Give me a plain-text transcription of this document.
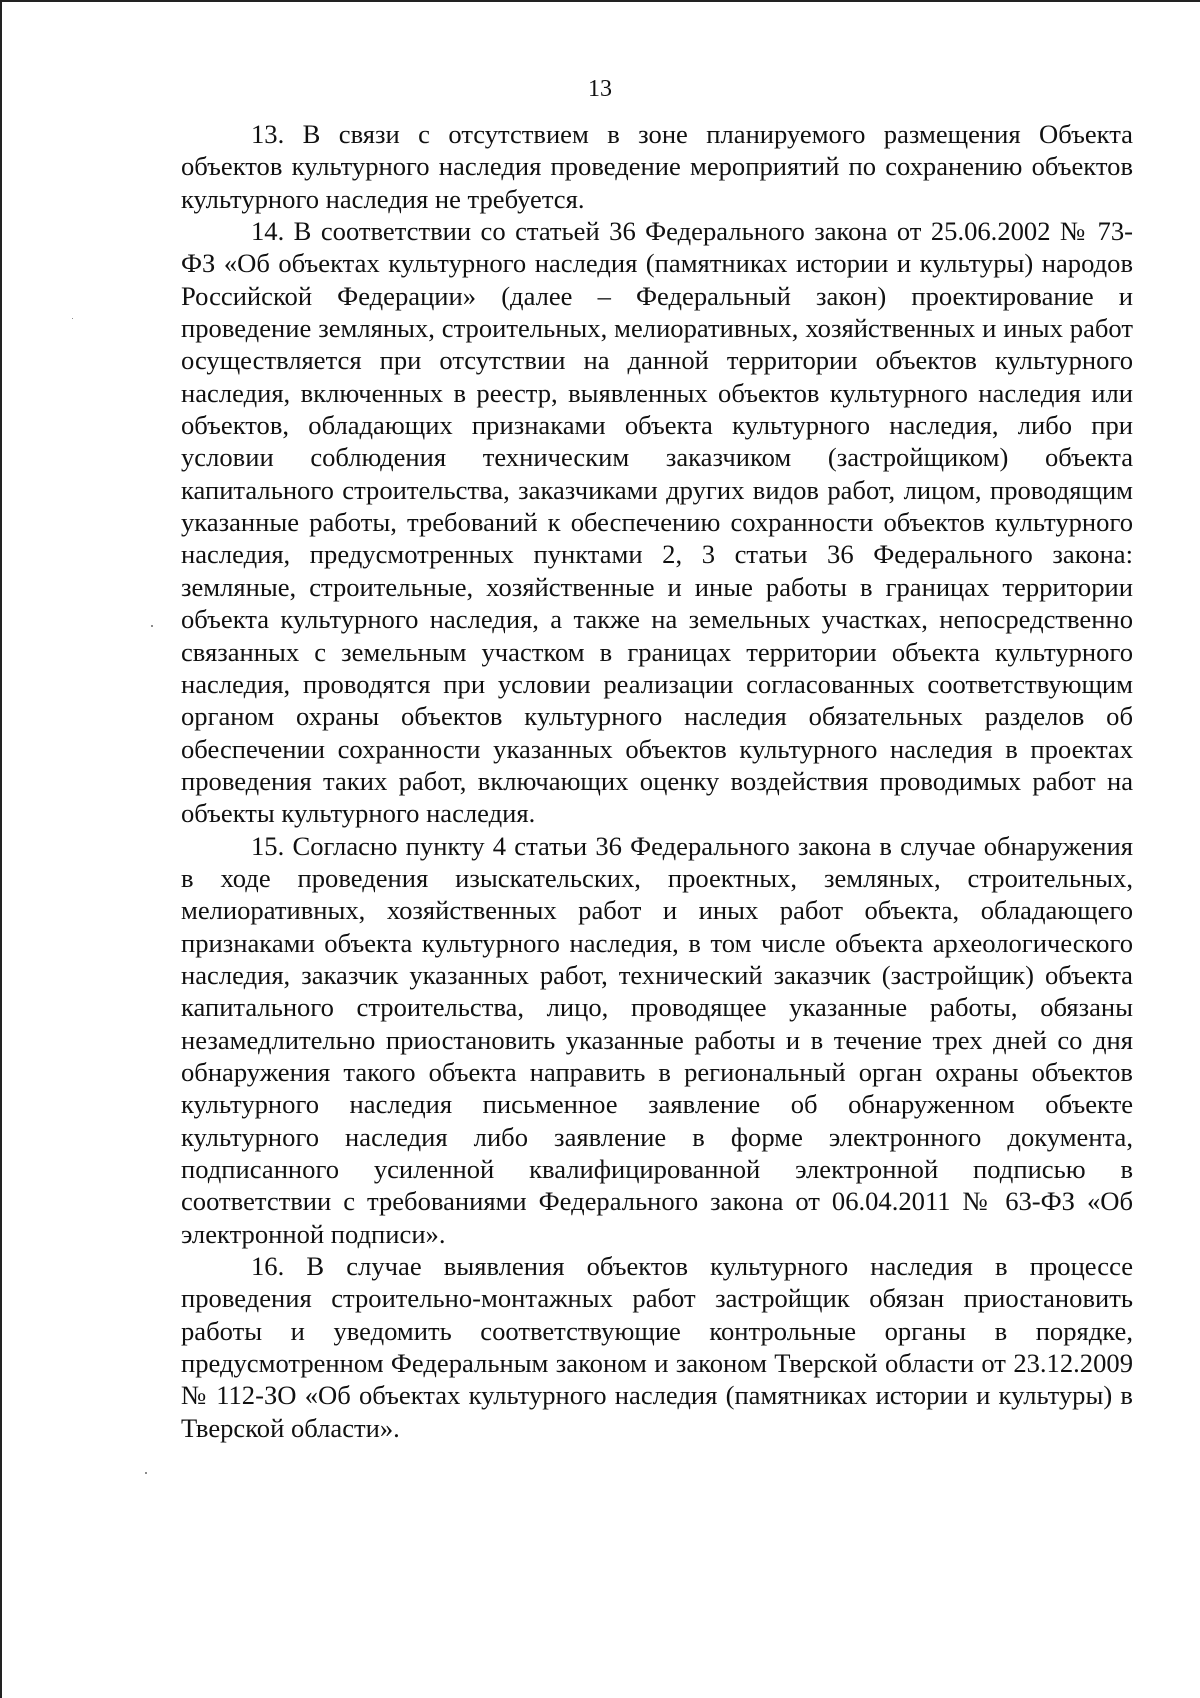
13

13. В связи с отсутствием в зоне планируемого размещения Объекта объектов культурного наследия проведение мероприятий по сохранению объектов культурного наследия не требуется.

14. В соответствии со статьей 36 Федерального закона от 25.06.2002 № 73-ФЗ «Об объектах культурного наследия (памятниках истории и культуры) народов Российской Федерации» (далее – Федеральный закон) проектирование и проведение земляных, строительных, мелиоративных, хозяйственных и иных работ осуществляется при отсутствии на данной территории объектов культурного наследия, включенных в реестр, выявленных объектов культурного наследия или объектов, обладающих признаками объекта культурного наследия, либо при условии соблюдения техническим заказчиком (застройщиком) объекта капитального строительства, заказчиками других видов работ, лицом, проводящим указанные работы, требований к обеспечению сохранности объектов культурного наследия, предусмотренных пунктами 2, 3 статьи 36 Федерального закона: земляные, строительные, хозяйственные и иные работы в границах территории объекта культурного наследия, а также на земельных участках, непосредственно связанных с земельным участком в границах территории объекта культурного наследия, проводятся при условии реализации согласованных соответствующим органом охраны объектов культурного наследия обязательных разделов об обеспечении сохранности указанных объектов культурного наследия в проектах проведения таких работ, включающих оценку воздействия проводимых работ на объекты культурного наследия.

15. Согласно пункту 4 статьи 36 Федерального закона в случае обнаружения в ходе проведения изыскательских, проектных, земляных, строительных, мелиоративных, хозяйственных работ и иных работ объекта, обладающего признаками объекта культурного наследия, в том числе объекта археологического наследия, заказчик указанных работ, технический заказчик (застройщик) объекта капитального строительства, лицо, проводящее указанные работы, обязаны незамедлительно приостановить указанные работы и в течение трех дней со дня обнаружения такого объекта направить в региональный орган охраны объектов культурного наследия письменное заявление об обнаруженном объекте культурного наследия либо заявление в форме электронного документа, подписанного усиленной квалифицированной электронной подписью в соответствии с требованиями Федерального закона от 06.04.2011 № 63-ФЗ «Об электронной подписи».

16. В случае выявления объектов культурного наследия в процессе проведения строительно-монтажных работ застройщик обязан приостановить работы и уведомить соответствующие контрольные органы в порядке, предусмотренном Федеральным законом и законом Тверской области от 23.12.2009 № 112-ЗО «Об объектах культурного наследия (памятниках истории и культуры) в Тверской области».
